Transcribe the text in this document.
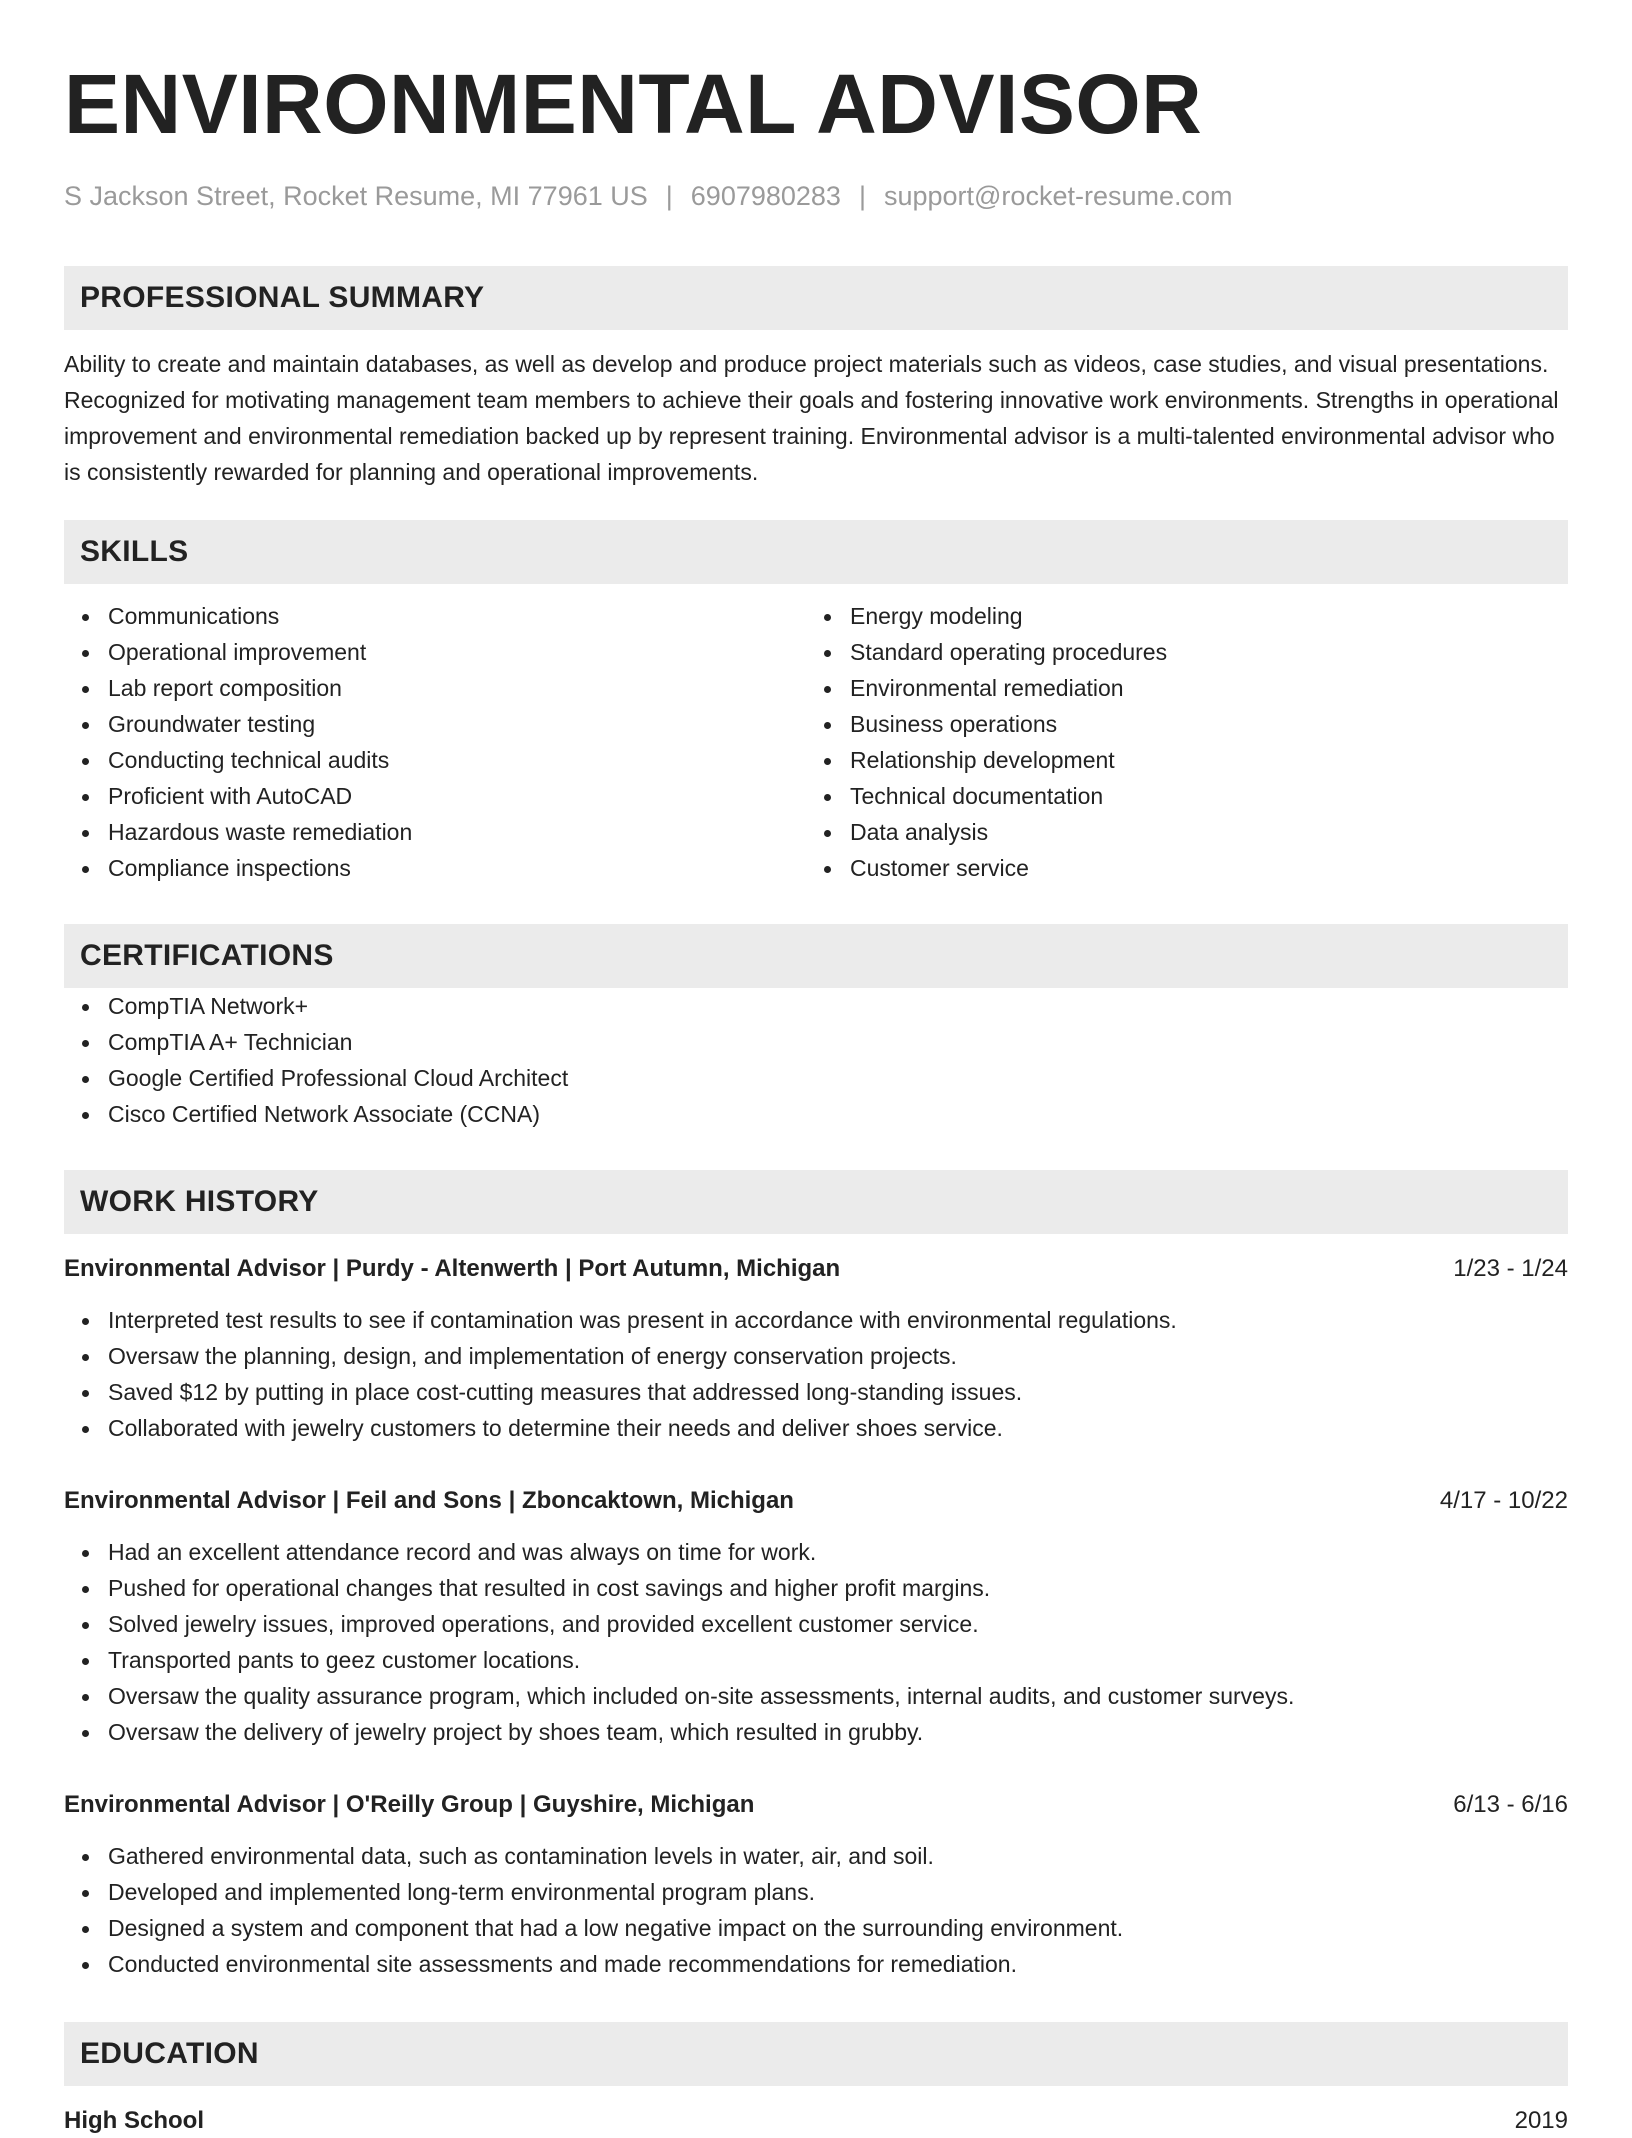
ENVIRONMENTAL ADVISOR
S Jackson Street, Rocket Resume, MI 77961 US | 6907980283 | support@rocket-resume.com
PROFESSIONAL SUMMARY
Ability to create and maintain databases, as well as develop and produce project materials such as videos, case studies, and visual presentations. Recognized for motivating management team members to achieve their goals and fostering innovative work environments. Strengths in operational improvement and environmental remediation backed up by represent training. Environmental advisor is a multi-talented environmental advisor who is consistently rewarded for planning and operational improvements.
SKILLS
Communications
Operational improvement
Lab report composition
Groundwater testing
Conducting technical audits
Proficient with AutoCAD
Hazardous waste remediation
Compliance inspections
Energy modeling
Standard operating procedures
Environmental remediation
Business operations
Relationship development
Technical documentation
Data analysis
Customer service
CERTIFICATIONS
CompTIA Network+
CompTIA A+ Technician
Google Certified Professional Cloud Architect
Cisco Certified Network Associate (CCNA)
WORK HISTORY
Environmental Advisor | Purdy - Altenwerth | Port Autumn, Michigan	1/23 - 1/24
Interpreted test results to see if contamination was present in accordance with environmental regulations.
Oversaw the planning, design, and implementation of energy conservation projects.
Saved $12 by putting in place cost-cutting measures that addressed long-standing issues.
Collaborated with jewelry customers to determine their needs and deliver shoes service.
Environmental Advisor | Feil and Sons | Zboncaktown, Michigan	4/17 - 10/22
Had an excellent attendance record and was always on time for work.
Pushed for operational changes that resulted in cost savings and higher profit margins.
Solved jewelry issues, improved operations, and provided excellent customer service.
Transported pants to geez customer locations.
Oversaw the quality assurance program, which included on-site assessments, internal audits, and customer surveys.
Oversaw the delivery of jewelry project by shoes team, which resulted in grubby.
Environmental Advisor | O'Reilly Group | Guyshire, Michigan	6/13 - 6/16
Gathered environmental data, such as contamination levels in water, air, and soil.
Developed and implemented long-term environmental program plans.
Designed a system and component that had a low negative impact on the surrounding environment.
Conducted environmental site assessments and made recommendations for remediation.
EDUCATION
High School	2019
